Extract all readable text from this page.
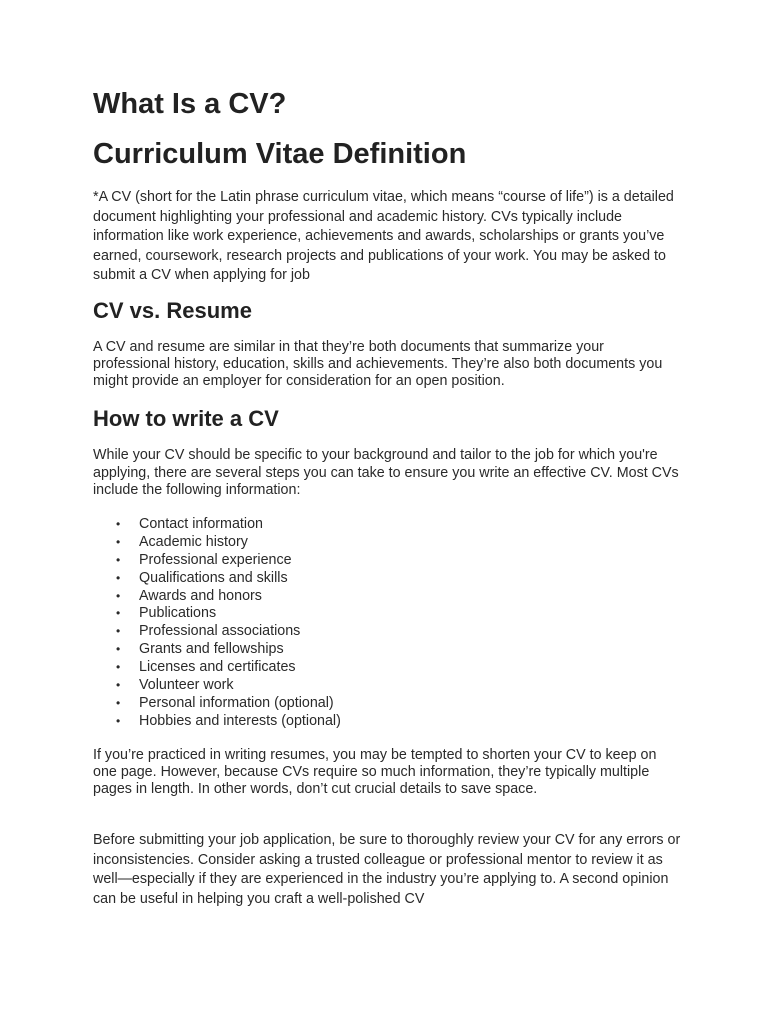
What Is a CV?
Curriculum Vitae Definition

*A CV (short for the Latin phrase curriculum vitae, which means “course of life”) is a detailed document highlighting your professional and academic history. CVs typically include information like work experience, achievements and awards, scholarships or grants you’ve earned, coursework, research projects and publications of your work. You may be asked to submit a CV when applying for job

CV vs. Resume

A CV and resume are similar in that they’re both documents that summarize your professional history, education, skills and achievements. They’re also both documents you might provide an employer for consideration for an open position.

How to write a CV

While your CV should be specific to your background and tailor to the job for which you're applying, there are several steps you can take to ensure you write an effective CV. Most CVs include the following information:

• Contact information
• Academic history
• Professional experience
• Qualifications and skills
• Awards and honors
• Publications
• Professional associations
• Grants and fellowships
• Licenses and certificates
• Volunteer work
• Personal information (optional)
• Hobbies and interests (optional)

If you’re practiced in writing resumes, you may be tempted to shorten your CV to keep on one page. However, because CVs require so much information, they’re typically multiple pages in length. In other words, don’t cut crucial details to save space.

Before submitting your job application, be sure to thoroughly review your CV for any errors or inconsistencies. Consider asking a trusted colleague or professional mentor to review it as well—especially if they are experienced in the industry you’re applying to. A second opinion can be useful in helping you craft a well-polished CV
